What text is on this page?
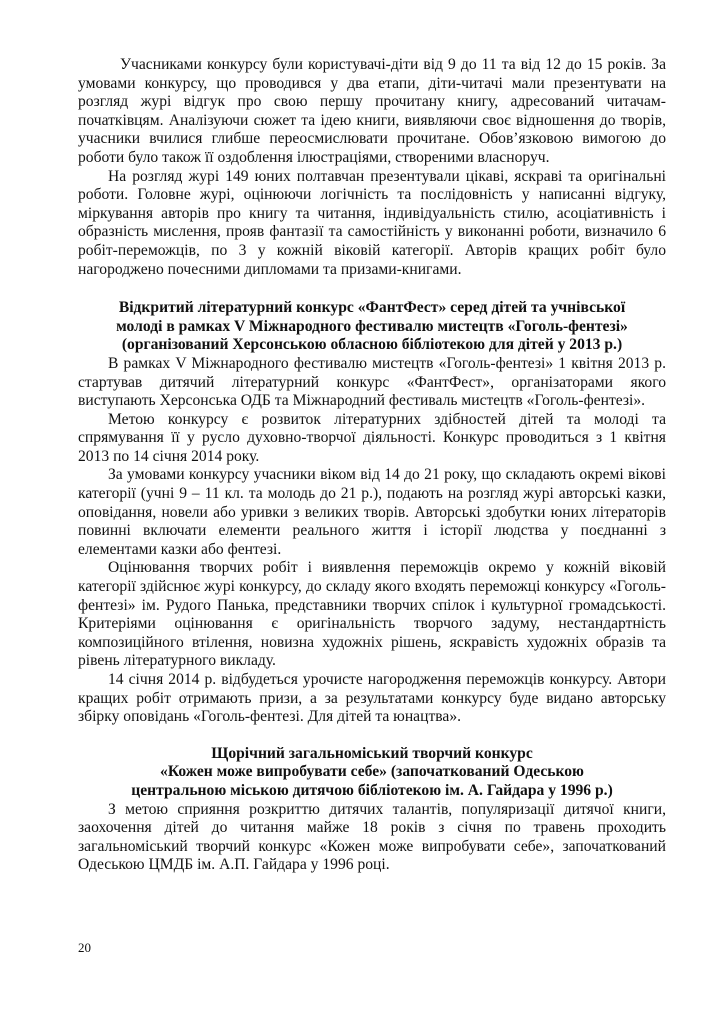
Учасниками конкурсу були користувачі-діти від 9 до 11 та від 12 до 15 років. За умовами конкурсу, що проводився у два етапи, діти-читачі мали презентувати на розгляд журі відгук про свою першу прочитану книгу, адресований читачам-початківцям. Аналізуючи сюжет та ідею книги, виявляючи своє відношення до творів, учасники вчилися глибше переосмислювати прочитане. Обов’язковою вимогою до роботи було також її оздоблення ілюстраціями, створеними власноруч.

На розгляд журі 149 юних полтавчан презентували цікаві, яскраві та оригінальні роботи. Головне журі, оцінюючи логічність та послідовність у написанні відгуку, міркування авторів про книгу та читання, індивідуальність стилю, асоціативність і образність мислення, прояв фантазії та самостійність у виконанні роботи, визначило 6 робіт-переможців, по 3 у кожній віковій категорії. Авторів кращих робіт було нагороджено почесними дипломами та призами-книгами.

Відкритий літературний конкурс «ФантФест» серед дітей та учнівської
молоді в рамках V Міжнародного фестивалю мистецтв «Гоголь-фентезі»
(організований Херсонською обласною бібліотекою для дітей у 2013 р.)

В рамках V Міжнародного фестивалю мистецтв «Гоголь-фентезі» 1 квітня 2013 р. стартував дитячий літературний конкурс «ФантФест», організаторами якого виступають Херсонська ОДБ та Міжнародний фестиваль мистецтв «Гоголь-фентезі».

Метою конкурсу є розвиток літературних здібностей дітей та молоді та спрямування її у русло духовно-творчої діяльності. Конкурс проводиться з 1 квітня 2013 по 14 січня 2014 року.

За умовами конкурсу учасники віком від 14 до 21 року, що складають окремі вікові категорії (учні 9 – 11 кл. та молодь до 21 р.), подають на розгляд журі авторські казки, оповідання, новели або уривки з великих творів. Авторські здобутки юних літераторів повинні включати елементи реального життя і історії людства у поєднанні з елементами казки або фентезі.

Оцінювання творчих робіт і виявлення переможців окремо у кожній віковій категорії здійснює журі конкурсу, до складу якого входять переможці конкурсу «Гоголь-фентезі» ім. Рудого Панька, представники творчих спілок і культурної громадськості. Критеріями оцінювання є оригінальність творчого задуму, нестандартність композиційного втілення, новизна художніх рішень, яскравість художніх образів та рівень літературного викладу.

14 січня 2014 р. відбудеться урочисте нагородження переможців конкурсу. Автори кращих робіт отримають призи, а за результатами конкурсу буде видано авторську збірку оповідань «Гоголь-фентезі. Для дітей та юнацтва».

Щорічний загальноміський творчий конкурс
«Кожен може випробувати себе» (започаткований Одеською
центральною міською дитячою бібліотекою ім. А. Гайдара у 1996 р.)

З метою сприяння розкриттю дитячих талантів, популяризації дитячої книги, заохочення дітей до читання майже 18 років з січня по травень проходить загальноміський творчий конкурс «Кожен може випробувати себе», започаткований Одеською ЦМДБ ім. А.П. Гайдара у 1996 році.

20
